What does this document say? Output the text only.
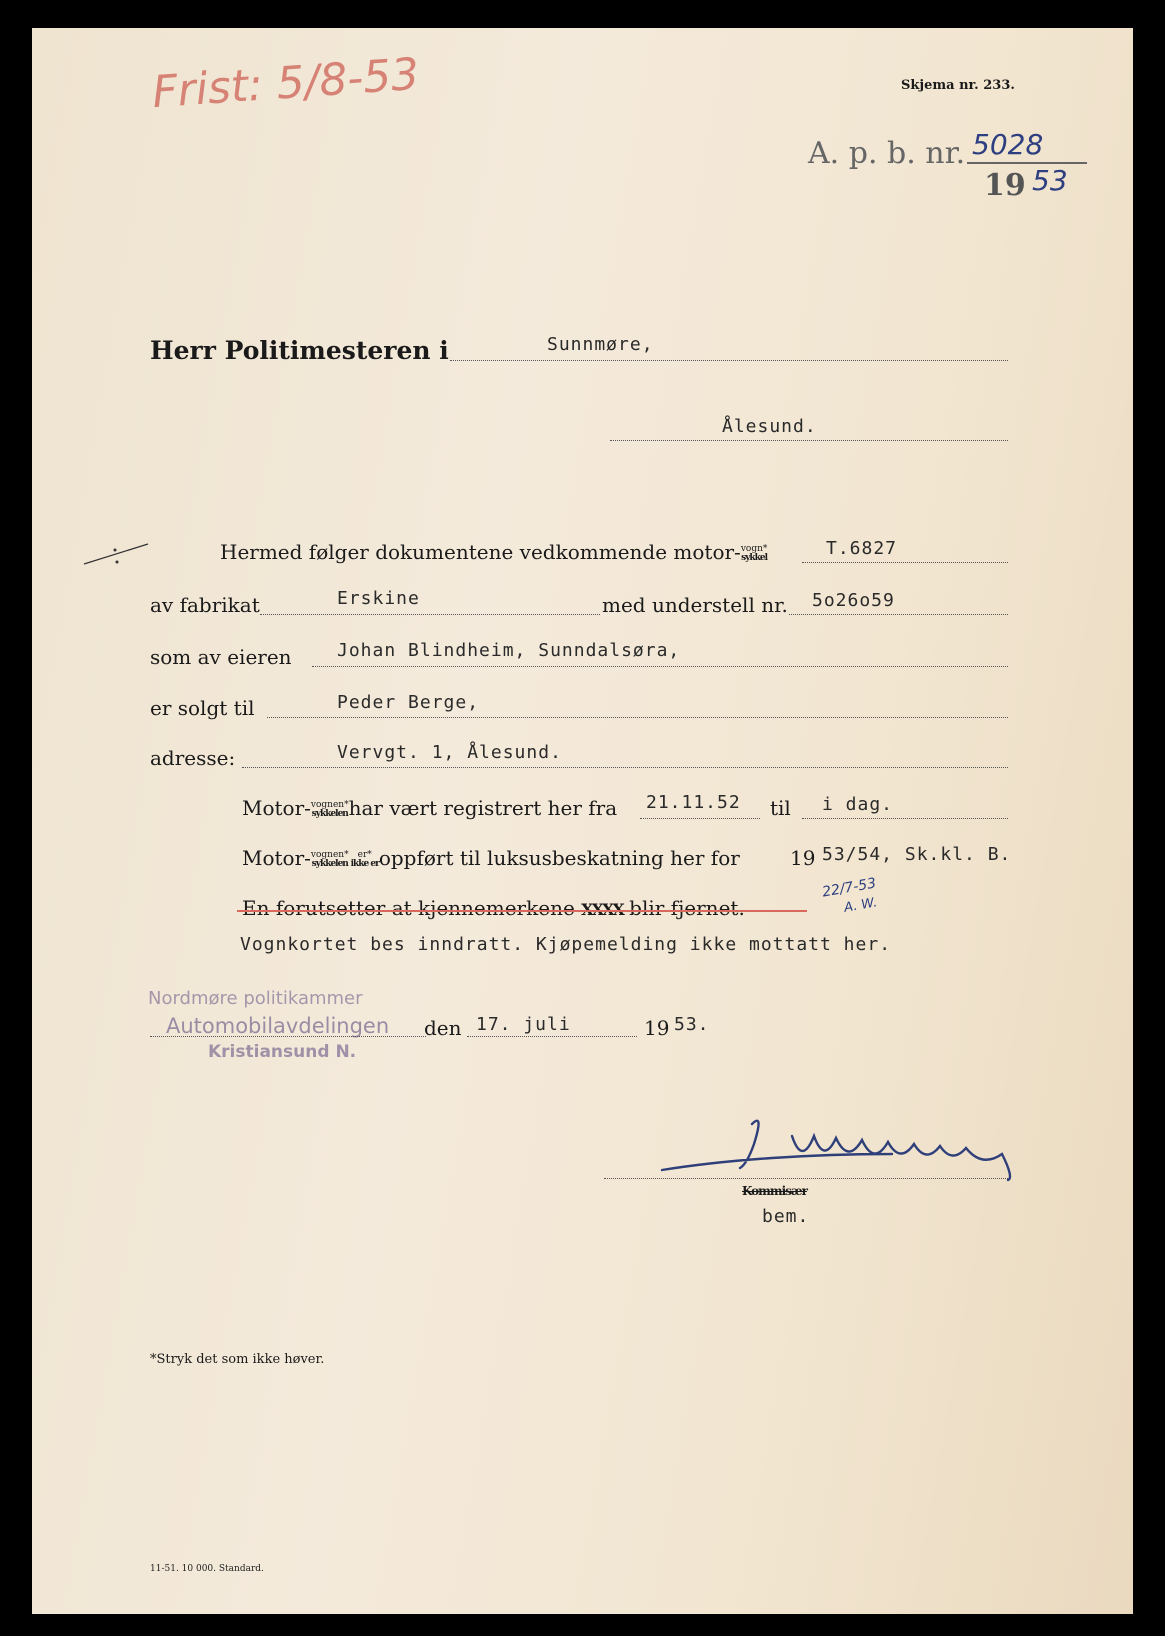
Frist: 5/8-53	Skjema nr. 233.
A. p. b. nr. 5028
19 53
Herr Politimesteren i	Sunnmøre,
Ålesund.
Hermed følger dokumentene vedkommende motor- vogn*
sykkel	T.6827
av fabrikat	Erskine	med understell nr. 5o26o59
som av eieren	Johan Blindheim, Sunndalsøra,
er solgt til	Peder Berge,
adresse:	Vervgt. 1, Ålesund.
Motor- vognen*
sykkelen har vært registrert her fra 21.11.52 til i dag.
Motor- vognen*
sykkelen
er*
ikke er oppført til luksusbeskatning her for	19 53/54, Sk.kl. B.
En forutsetter at kjennemerkene XXXX blir fjernet.
22/7-53
A. W.
Vognkortet bes inndratt. Kjøpemelding ikke mottatt her.
Nordmøre politikammer
Automobilavdelingen
Kristiansund N.
den 17. juli	19 53.
Kommisær
bem.
*Stryk det som ikke høver.
11-51. 10 000. Standard.
